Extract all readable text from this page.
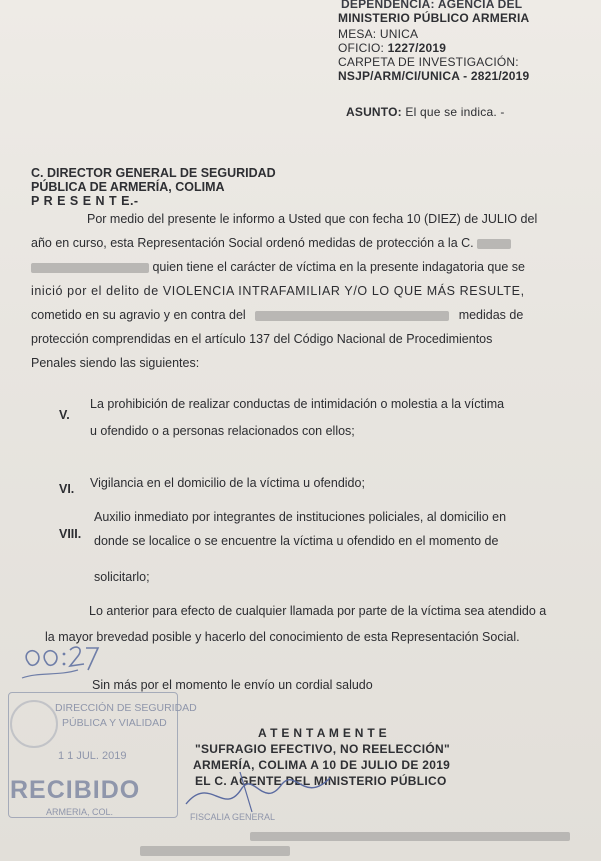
DEPENDENCIA: AGENCIA DEL
MINISTERIO PÚBLICO ARMERIA
MESA: UNICA
OFICIO: 1227/2019
CARPETA DE INVESTIGACIÓN:
NSJP/ARM/CI/UNICA - 2821/2019
ASUNTO: El que se indica. -
C. DIRECTOR GENERAL DE SEGURIDAD
PÚBLICA DE ARMERÍA, COLIMA
P R E S E N T E.-
Por medio del presente le informo a Usted que con fecha 10 (DIEZ) de JULIO del
año en curso, esta Representación Social ordenó medidas de protección a la C.
quien tiene el carácter de víctima en la presente indagatoria que se
inició por el delito de VIOLENCIA INTRAFAMILIAR Y/O LO QUE MÁS RESULTE,
cometido en su agravio y en contra del	medidas de
protección comprendidas en el artículo 137 del Código Nacional de Procedimientos
Penales siendo las siguientes:
V.
La prohibición de realizar conductas de intimidación o molestia a la víctima
u ofendido o a personas relacionados con ellos;
VI. Vigilancia en el domicilio de la víctima u ofendido;
VIII.
Auxilio inmediato por integrantes de instituciones policiales, al domicilio en
donde se localice o se encuentre la víctima u ofendido en el momento de
solicitarlo;
Lo anterior para efecto de cualquier llamada por parte de la víctima sea atendido a
la mayor brevedad posible y hacerlo del conocimiento de esta Representación Social.
Sin más por el momento le envío un cordial saludo
DIRECCIÓN DE SEGURIDAD
PÚBLICA Y VIALIDAD
1 1 JUL. 2019
RECIBIDO
ARMERIA, COL.
A T E N T A M E N T E
"SUFRAGIO EFECTIVO, NO REELECCIÓN"
ARMERÍA, COLIMA A 10 DE JULIO DE 2019
EL C. AGENTE DEL MINISTERIO PÚBLICO
FISCALIA GENERAL
